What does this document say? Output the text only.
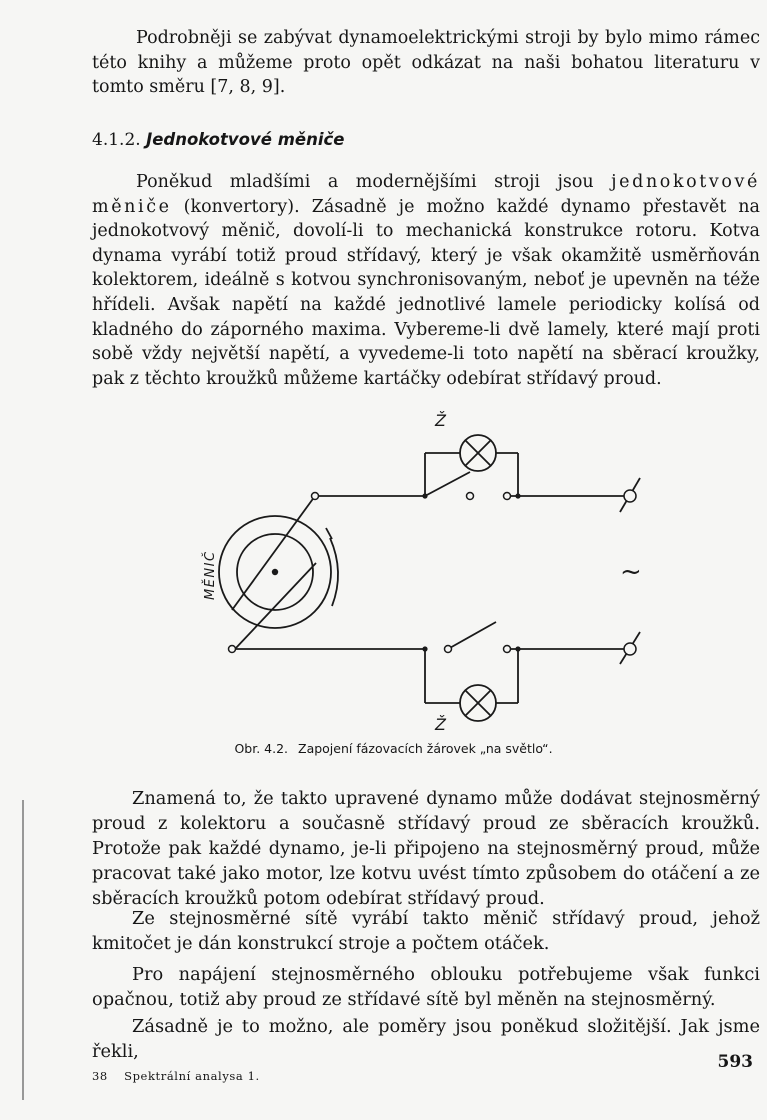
Podrobněji se zabývat dynamoelektrickými stroji by bylo mimo rámec této knihy a můžeme proto opět odkázat na naši bohatou literaturu v tomto směru [7, 8, 9].
4.1.2. Jednokotvové měniče
Poněkud mladšími a modernějšími stroji jsou jednokotvové měniče (konvertory). Zásadně je možno každé dynamo přestavět na jednokotvový měnič, dovolí-li to mechanická konstrukce rotoru. Kotva dynama vyrábí totiž proud střídavý, který je však okamžitě usměrňován kolektorem, ideálně s kotvou synchronisovaným, neboť je upevněn na téže hřídeli. Avšak napětí na každé jednotlivé lamele periodicky kolísá od kladného do záporného maxima. Vybereme-li dvě lamely, které mají proti sobě vždy největší napětí, a vyvedeme-li toto napětí na sběrací kroužky, pak z těchto kroužků můžeme kartáčky odebírat střídavý proud.
Ž
Ž
~
MĚNIČ
Obr. 4.2. Zapojení fázovacích žárovek „na světlo“.
Znamená to, že takto upravené dynamo může dodávat stejnosměrný proud z kolektoru a současně střídavý proud ze sběracích kroužků. Protože pak každé dynamo, je-li připojeno na stejnosměrný proud, může pracovat také jako motor, lze kotvu uvést tímto způsobem do otáčení a ze sběracích kroužků potom odebírat střídavý proud.
Ze stejnosměrné sítě vyrábí takto měnič střídavý proud, jehož kmitočet je dán konstrukcí stroje a počtem otáček.
Pro napájení stejnosměrného oblouku potřebujeme však funkci opačnou, totiž aby proud ze střídavé sítě byl měněn na stejnosměrný.
Zásadně je to možno, ale poměry jsou poněkud složitější. Jak jsme řekli,
38 Spektrální analysa 1.
593
